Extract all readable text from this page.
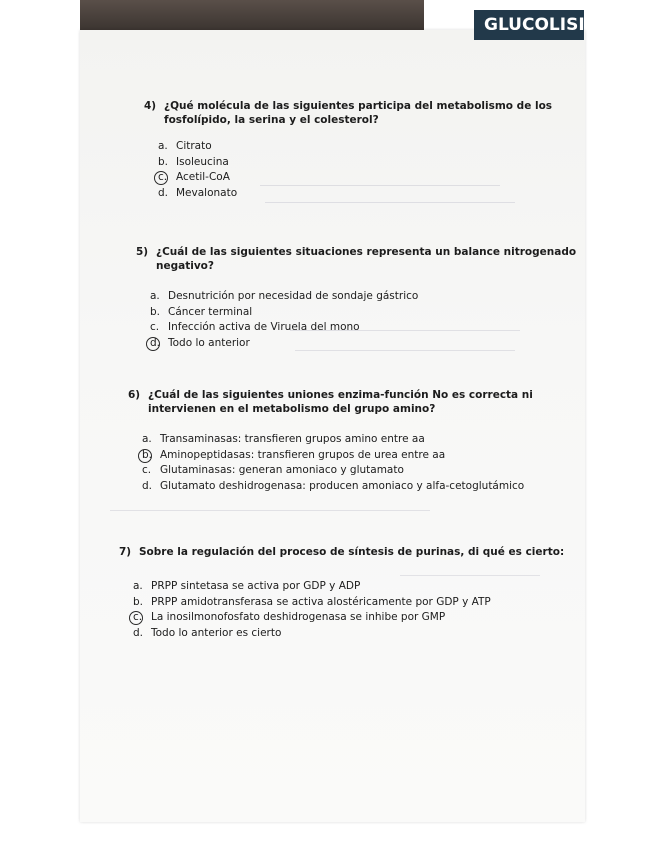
GLUCOLISIS
4) ¿Qué molécula de las siguientes participa del metabolismo de los
fosfolípido, la serina y el colesterol?
a. Citrato
b. Isoleucina
c. Acetil-CoA
d. Mevalonato
5) ¿Cuál de las siguientes situaciones representa un balance nitrogenado
negativo?
a. Desnutrición por necesidad de sondaje gástrico
b. Cáncer terminal
c. Infección activa de Viruela del mono
d. Todo lo anterior
6) ¿Cuál de las siguientes uniones enzima-función No es correcta ni
intervienen en el metabolismo del grupo amino?
a. Transaminasas: transfieren grupos amino entre aa
b. Aminopeptidasas: transfieren grupos de urea entre aa
c. Glutaminasas: generan amoniaco y glutamato
d. Glutamato deshidrogenasa: producen amoniaco y alfa-cetoglutámico
7) Sobre la regulación del proceso de síntesis de purinas, di qué es cierto:
a. PRPP sintetasa se activa por GDP y ADP
b. PRPP amidotransferasa se activa alostéricamente por GDP y ATP
c. La inosilmonofosfato deshidrogenasa se inhibe por GMP
d. Todo lo anterior es cierto
